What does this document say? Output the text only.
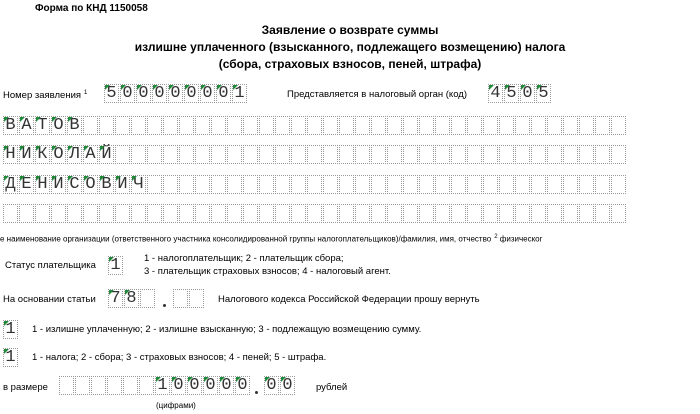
Форма по КНД 1150058
Заявление о возврате суммы
излишне уплаченного (взысканного, подлежащего возмещению) налога
(сбора, страховых взносов, пеней, штрафа)
Номер заявления $^1$ 5 0 0 0 0 0 0 0 1	Представляется в налоговый орган (код) 4 5 0 5
В А Т О В
Н И К О Л А Й
Д Е Н И С О В И Ч
е наименование организации (ответственного участника консолидированной группы налогоплательщиков)/фамилия, имя, отчество $^2$ физическог
Статус плательщика 1 1 - налогоплательщик; 2 - плательщик сбора;
3 - плательщик страховых взносов; 4 - налоговый агент.
На основании статьи 7 8	Налогового кодекса Российской Федерации прошу вернуть
1 1 - излишне уплаченную; 2 - излишне взысканную; 3 - подлежащую возмещению сумму.
1 1 - налога; 2 - сбора; 3 - страховых взносов; 4 - пеней; 5 - штрафа.
в размере	1 0 0 0 0 0 0 0 рублей
(цифрами)
